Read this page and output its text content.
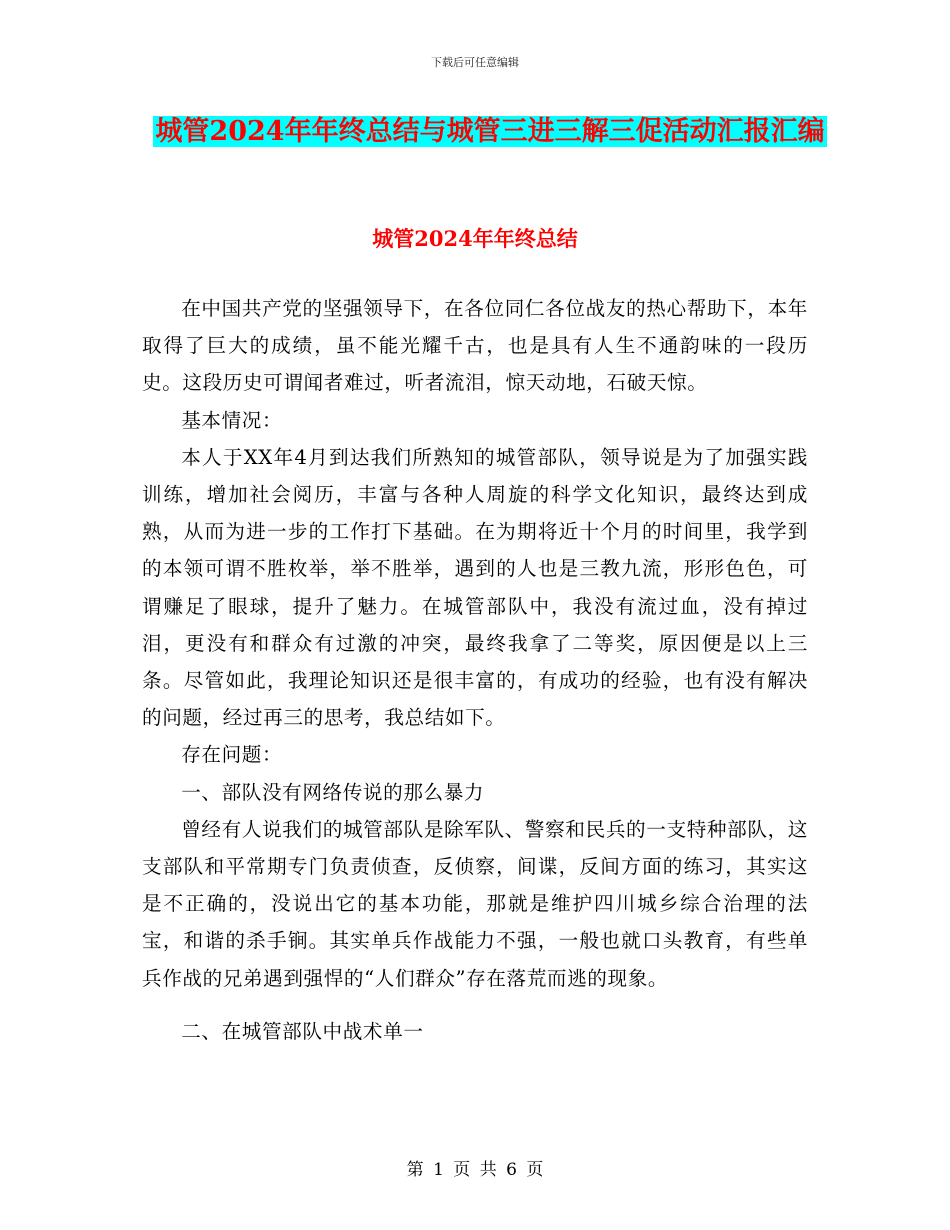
下载后可任意编辑
城管2024年年终总结与城管三进三解三促活动汇报汇编
城管2024年年终总结

在中国共产党的坚强领导下，在各位同仁各位战友的热心帮助下，本年取得了巨大的成绩，虽不能光耀千古，也是具有人生不通韵味的一段历史。这段历史可谓闻者难过，听者流泪，惊天动地，石破天惊。

基本情况：

本人于XX年4月到达我们所熟知的城管部队，领导说是为了加强实践训练，增加社会阅历，丰富与各种人周旋的科学文化知识，最终达到成熟，从而为进一步的工作打下基础。在为期将近十个月的时间里，我学到的本领可谓不胜枚举，举不胜举，遇到的人也是三教九流，形形色色，可谓赚足了眼球，提升了魅力。在城管部队中，我没有流过血，没有掉过泪，更没有和群众有过激的冲突，最终我拿了二等奖，原因便是以上三条。尽管如此，我理论知识还是很丰富的，有成功的经验，也有没有解决的问题，经过再三的思考，我总结如下。

存在问题：

一、部队没有网络传说的那么暴力

曾经有人说我们的城管部队是除军队、警察和民兵的一支特种部队，这支部队和平常期专门负责侦查，反侦察，间谍，反间方面的练习，其实这是不正确的，没说出它的基本功能，那就是维护四川城乡综合治理的法宝，和谐的杀手锏。其实单兵作战能力不强，一般也就口头教育，有些单兵作战的兄弟遇到强悍的“人们群众”存在落荒而逃的现象。

二、在城管部队中战术单一

第 1 页 共 6 页
